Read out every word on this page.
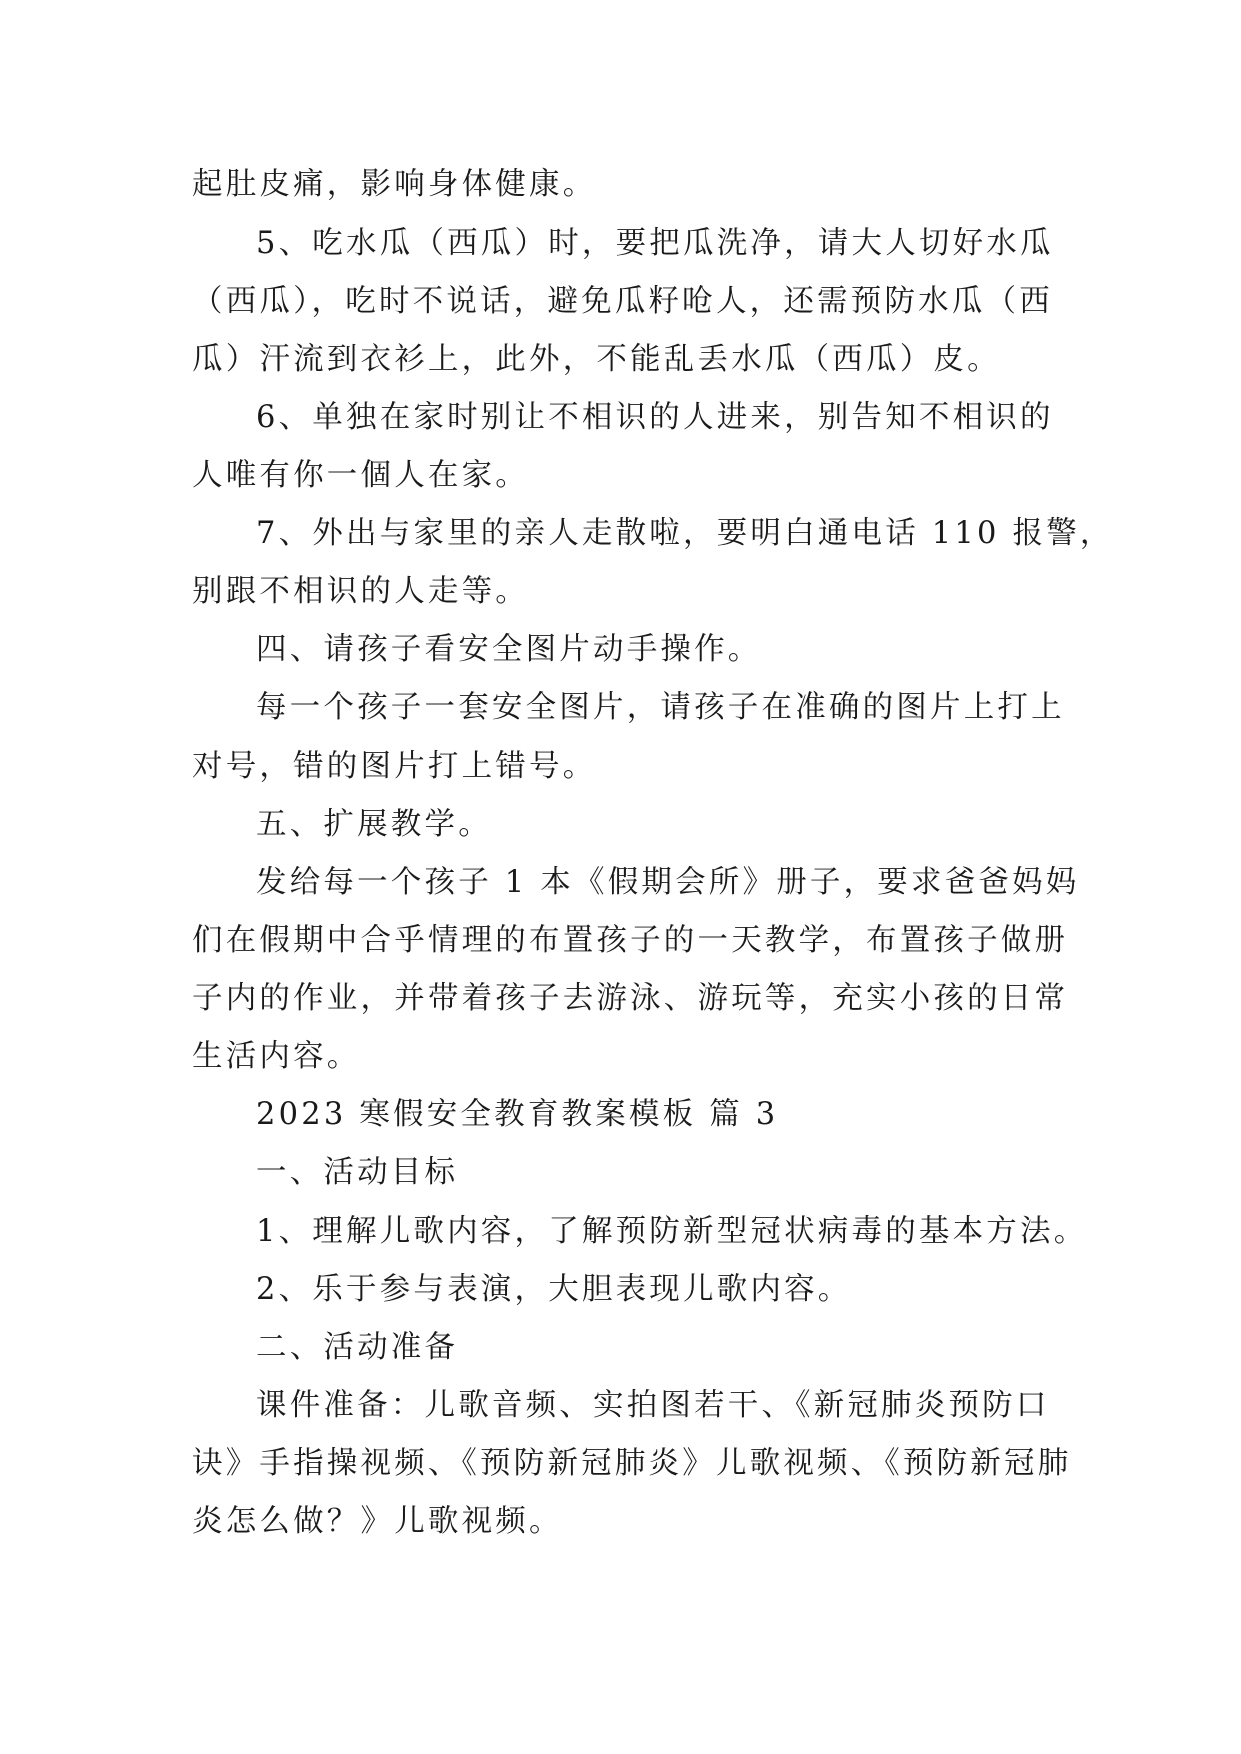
起肚皮痛，影响身体健康。

5、吃水瓜（西瓜）时，要把瓜洗净，请大人切好水瓜

（西瓜），吃时不说话，避免瓜籽呛人，还需预防水瓜（西

瓜）汗流到衣衫上，此外，不能乱丢水瓜（西瓜）皮。

6、单独在家时别让不相识的人进来，别告知不相识的

人唯有你一個人在家。

7、外出与家里的亲人走散啦，要明白通电话 110 报警，

别跟不相识的人走等。

四、请孩子看安全图片动手操作。

每一个孩子一套安全图片，请孩子在准确的图片上打上

对号，错的图片打上错号。

五、扩展教学。

发给每一个孩子 1 本《假期会所》册子，要求爸爸妈妈

们在假期中合乎情理的布置孩子的一天教学，布置孩子做册

子内的作业，并带着孩子去游泳、游玩等，充实小孩的日常

生活内容。

2023 寒假安全教育教案模板 篇 3

一、活动目标

1、理解儿歌内容，了解预防新型冠状病毒的基本方法。

2、乐于参与表演，大胆表现儿歌内容。

二、活动准备

课件准备：儿歌音频、实拍图若干、《新冠肺炎预防口

诀》手指操视频、《预防新冠肺炎》儿歌视频、《预防新冠肺

炎怎么做？》儿歌视频。
